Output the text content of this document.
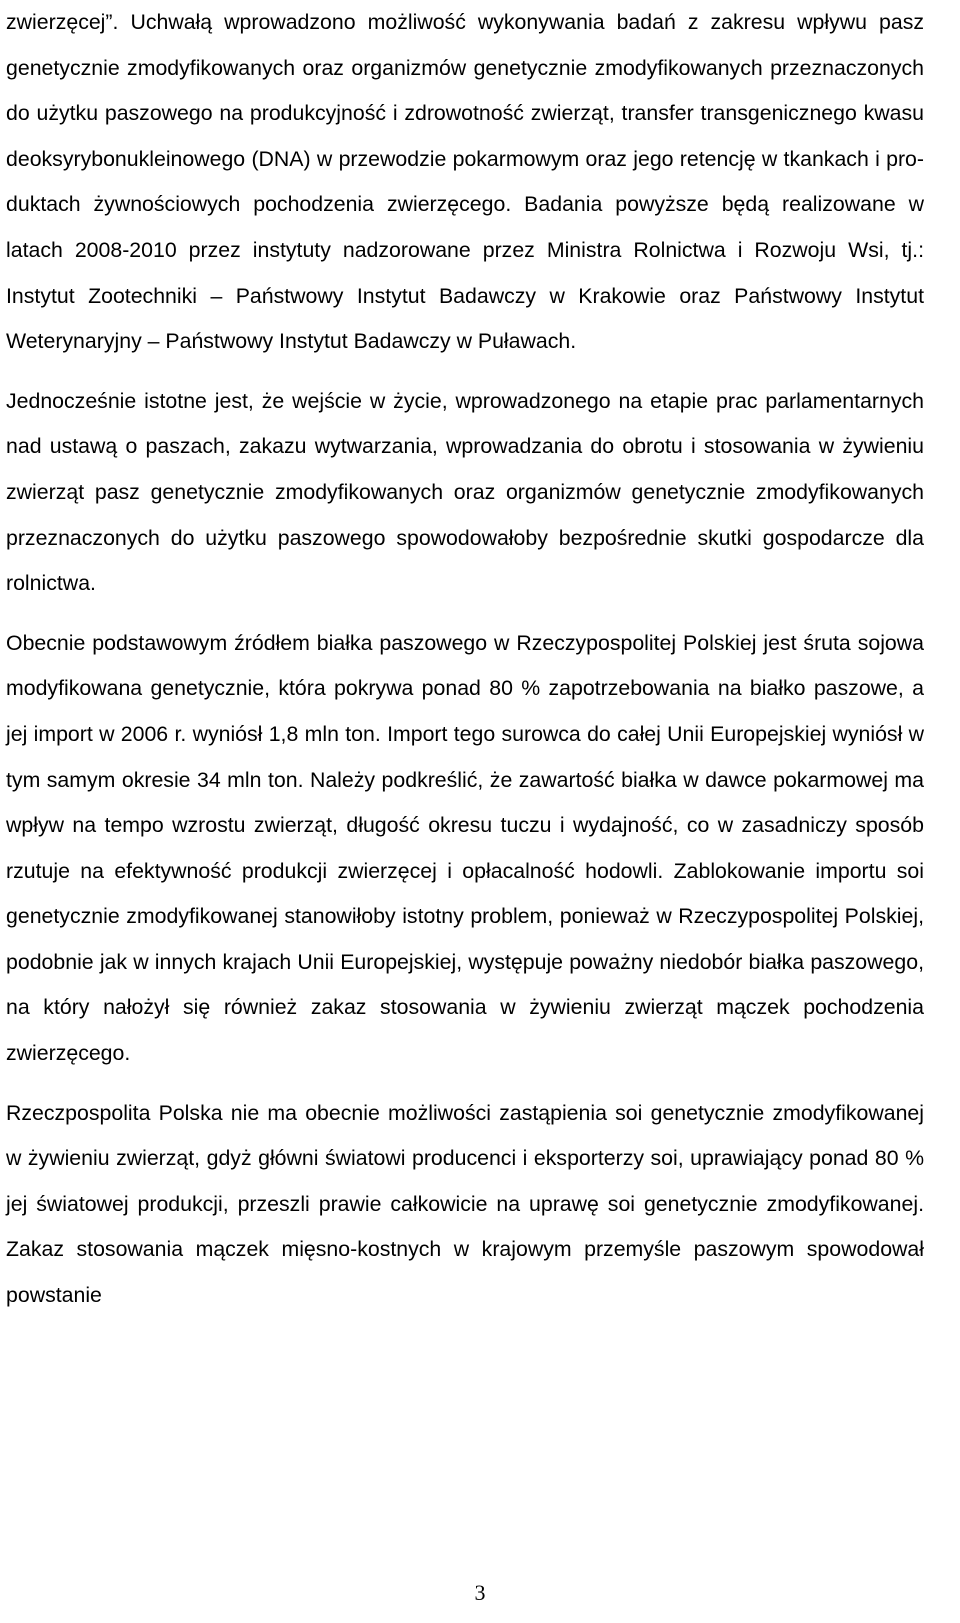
zwierzęcej”. Uchwałą wprowadzono możliwość wykonywania badań z zakresu wpływu pasz genetycznie zmodyfikowanych oraz organizmów genetycznie zmodyfikowanych przeznaczonych do użytku paszowego na produkcyjność i zdrowotność zwierząt, transfer transgenicznego kwasu deoksyrybonukleinowego (DNA) w przewodzie pokarmowym oraz jego retencję w tkankach i produktach żywnościowych pochodzenia zwierzęcego. Badania powyższe będą realizowane w latach 2008-2010 przez instytuty nadzorowane przez Ministra Rolnictwa i Rozwoju Wsi, tj.: Instytut Zootechniki – Państwowy Instytut Badawczy w Krakowie oraz Państwowy Instytut Weterynaryjny – Państwowy Instytut Badawczy w Puławach.

Jednocześnie istotne jest, że wejście w życie, wprowadzonego na etapie prac parlamentarnych nad ustawą o paszach, zakazu wytwarzania, wprowadzania do obrotu i stosowania w żywieniu zwierząt pasz genetycznie zmodyfikowanych oraz organizmów genetycznie zmodyfikowanych przeznaczonych do użytku paszowego spowodowałoby bezpośrednie skutki gospodarcze dla rolnictwa.

Obecnie podstawowym źródłem białka paszowego w Rzeczypospolitej Polskiej jest śruta sojowa modyfikowana genetycznie, która pokrywa ponad 80 % zapotrzebowania na białko paszowe, a jej import w 2006 r. wyniósł 1,8 mln ton. Import tego surowca do całej Unii Europejskiej wyniósł w tym samym okresie 34 mln ton. Należy podkreślić, że zawartość białka w dawce pokarmowej ma wpływ na tempo wzrostu zwierząt, długość okresu tuczu i wydajność, co w zasadniczy sposób rzutuje na efektywność produkcji zwierzęcej i opłacalność hodowli. Zablokowanie importu soi genetycznie zmodyfikowanej stanowiłoby istotny problem, ponieważ w Rzeczypospolitej Polskiej, podobnie jak w innych krajach Unii Europejskiej, występuje poważny niedobór białka paszowego, na który nałożył się również zakaz stosowania w żywieniu zwierząt mączek pochodzenia zwierzęcego.

Rzeczpospolita Polska nie ma obecnie możliwości zastąpienia soi genetycznie zmodyfikowanej w żywieniu zwierząt, gdyż główni światowi producenci i eksporterzy soi, uprawiający ponad 80 % jej światowej produkcji, przeszli prawie całkowicie na uprawę soi genetycznie zmodyfikowanej. Zakaz stosowania mączek mięsno-kostnych w krajowym przemyśle paszowym spowodował powstanie

3
